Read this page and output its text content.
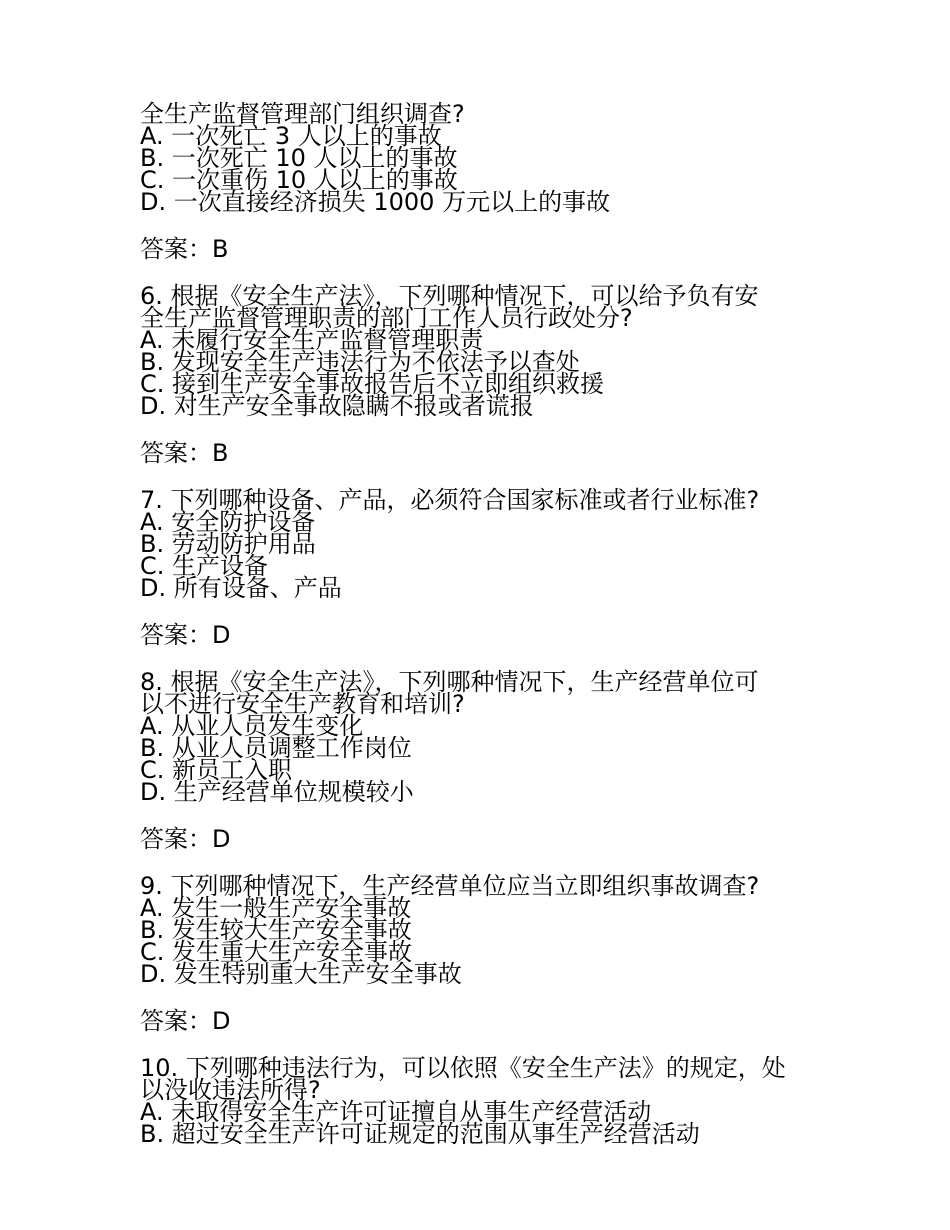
全生产监督管理部门组织调查?
A. 一次死亡 3 人以上的事故
B. 一次死亡 10 人以上的事故
C. 一次重伤 10 人以上的事故
D. 一次直接经济损失 1000 万元以上的事故
答案：B
6. 根据《安全生产法》，下列哪种情况下，可以给予负有安
全生产监督管理职责的部门工作人员行政处分?
A. 未履行安全生产监督管理职责
B. 发现安全生产违法行为不依法予以查处
C. 接到生产安全事故报告后不立即组织救援
D. 对生产安全事故隐瞒不报或者谎报
答案：B
7. 下列哪种设备、产品，必须符合国家标准或者行业标准?
A. 安全防护设备
B. 劳动防护用品
C. 生产设备
D. 所有设备、产品
答案：D
8. 根据《安全生产法》，下列哪种情况下，生产经营单位可
以不进行安全生产教育和培训?
A. 从业人员发生变化
B. 从业人员调整工作岗位
C. 新员工入职
D. 生产经营单位规模较小
答案：D
9. 下列哪种情况下，生产经营单位应当立即组织事故调查?
A. 发生一般生产安全事故
B. 发生较大生产安全事故
C. 发生重大生产安全事故
D. 发生特别重大生产安全事故
答案：D
10. 下列哪种违法行为，可以依照《安全生产法》的规定，处
以没收违法所得?
A. 未取得安全生产许可证擅自从事生产经营活动
B. 超过安全生产许可证规定的范围从事生产经营活动
